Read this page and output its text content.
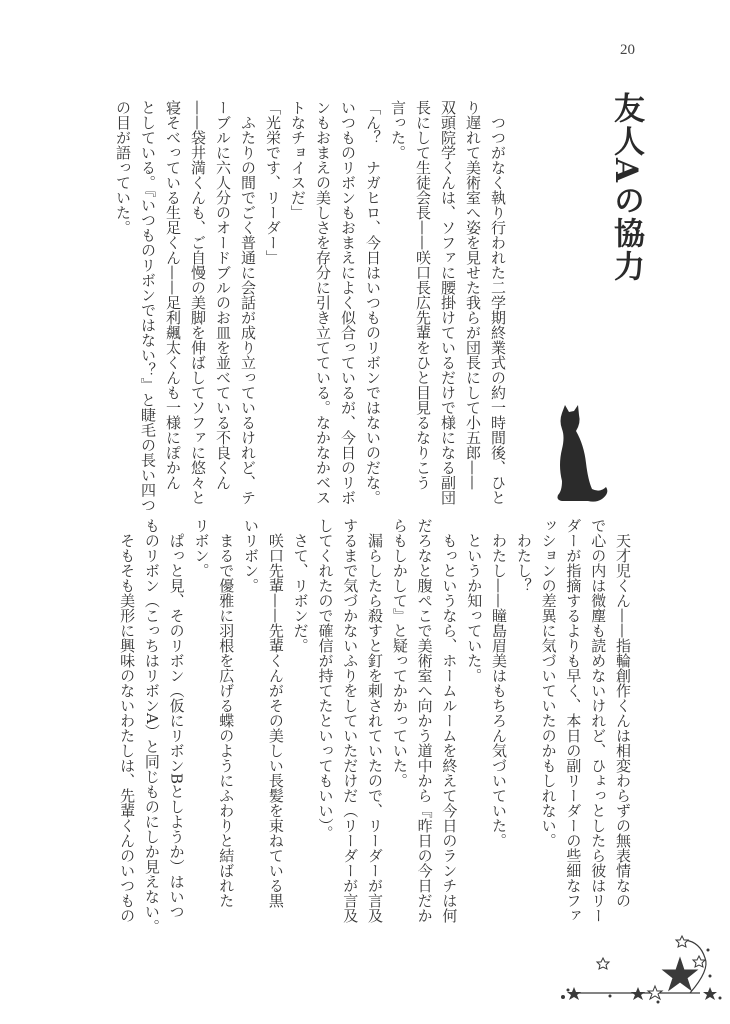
20
友人Aの協力
　つつがなく執り行われた二学期終業式の約一時間後、ひと
り遅れて美術室へ姿を見せた我らが団長にして小五郎——
双頭院学くんは、ソファに腰掛けているだけで様になる副団
長にして生徒会長——咲口長広先輩をひと目見るなりこう
言った。
「ん？　ナガヒロ、今日はいつものリボンではないのだな。
いつものリボンもおまえによく似合っているが、今日のリボ
ンもおまえの美しさを存分に引き立てている。なかなかベス
トなチョイスだ」
「光栄です、リーダー」
　ふたりの間でごく普通に会話が成り立っているけれど、テ
ーブルに六人分のオードブルのお皿を並べている不良くん
——袋井満くんも、ご自慢の美脚を伸ばしてソファに悠々と
寝そべっている生足くん——足利飆太くんも一様にぽかん
としている。『いつものリボンではない？』と睫毛の長い四つ
の目が語っていた。
　天才児くん——指輪創作くんは相変わらずの無表情なの
で心の内は微塵も読めないけれど、ひょっとしたら彼はリー
ダーが指摘するよりも早く、本日の副リーダーの些細なファ
ッションの差異に気づいていたのかもしれない。
　わたし？
　わたし——瞳島眉美はもちろん気づいていた。
　というか知っていた。
　もっというなら、ホームルームを終えて今日のランチは何
だろなと腹ぺこで美術室へ向かう道中から『昨日の今日だか
らもしかして』と疑ってかかっていた。
　漏らしたら殺すと釘を刺されていたので、リーダーが言及
するまで気づかないふりをしていただけだ（リーダーが言及
してくれたので確信が持てたといってもいい）。
　さて、リボンだ。
　咲口先輩——先輩くんがその美しい長髪を束ねている黒
いリボン。
　まるで優雅に羽根を広げる蝶のようにふわりと結ばれた
リボン。
　ぱっと見、そのリボン（仮にリボンBとしようか）はいつ
ものリボン（こっちはリボンA）と同じものにしか見えない。
　そもそも美形に興味のないわたしは、先輩くんのいつもの
